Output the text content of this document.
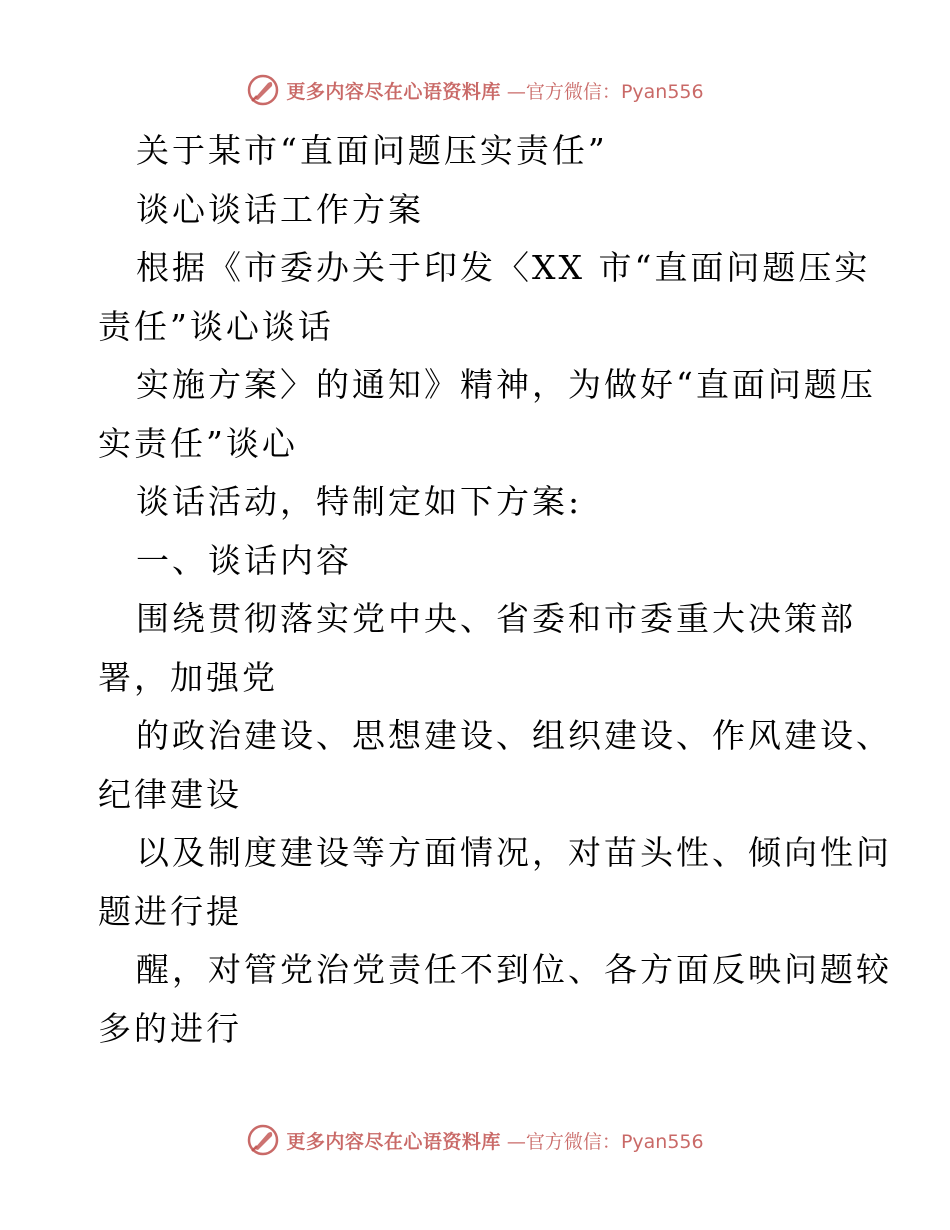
更多内容尽在心语资料库 —官方微信：Pyan556
关于某市“直面问题压实责任”
谈心谈话工作方案
根据《市委办关于印发〈XX 市“直面问题压实
责任”谈心谈话
实施方案〉的通知》精神，为做好“直面问题压
实责任”谈心
谈话活动，特制定如下方案:
一、谈话内容
围绕贯彻落实党中央、省委和市委重大决策部
署，加强党
的政治建设、思想建设、组织建设、作风建设、
纪律建设
以及制度建设等方面情况，对苗头性、倾向性问
题进行提
醒，对管党治党责任不到位、各方面反映问题较
多的进行
更多内容尽在心语资料库 —官方微信：Pyan556
